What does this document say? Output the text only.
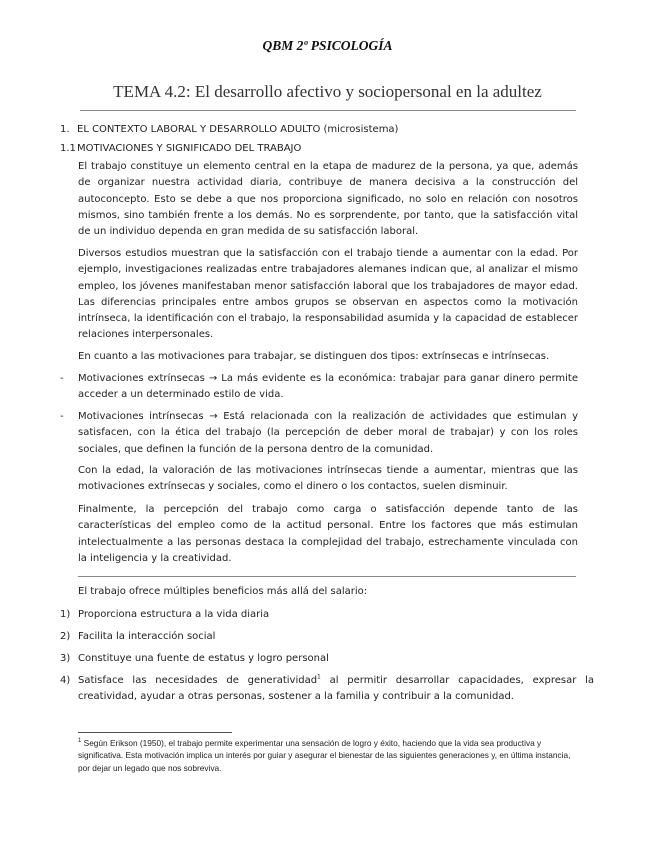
QBM 2º PSICOLOGÍA
TEMA 4.2: El desarrollo afectivo y sociopersonal en la adultez
1. EL CONTEXTO LABORAL Y DESARROLLO ADULTO (microsistema)
1.1MOTIVACIONES Y SIGNIFICADO DEL TRABAJO
El trabajo constituye un elemento central en la etapa de madurez de la persona, ya que, además de organizar nuestra actividad diaria, contribuye de manera decisiva a la construcción del autoconcepto. Esto se debe a que nos proporciona significado, no solo en relación con nosotros mismos, sino también frente a los demás. No es sorprendente, por tanto, que la satisfacción vital de un individuo dependa en gran medida de su satisfacción laboral.
Diversos estudios muestran que la satisfacción con el trabajo tiende a aumentar con la edad. Por ejemplo, investigaciones realizadas entre trabajadores alemanes indican que, al analizar el mismo empleo, los jóvenes manifestaban menor satisfacción laboral que los trabajadores de mayor edad. Las diferencias principales entre ambos grupos se observan en aspectos como la motivación intrínseca, la identificación con el trabajo, la responsabilidad asumida y la capacidad de establecer relaciones interpersonales.
En cuanto a las motivaciones para trabajar, se distinguen dos tipos: extrínsecas e intrínsecas.
- Motivaciones extrínsecas → La más evidente es la económica: trabajar para ganar dinero permite acceder a un determinado estilo de vida.
- Motivaciones intrínsecas → Está relacionada con la realización de actividades que estimulan y satisfacen, con la ética del trabajo (la percepción de deber moral de trabajar) y con los roles sociales, que definen la función de la persona dentro de la comunidad.
Con la edad, la valoración de las motivaciones intrínsecas tiende a aumentar, mientras que las motivaciones extrínsecas y sociales, como el dinero o los contactos, suelen disminuir.
Finalmente, la percepción del trabajo como carga o satisfacción depende tanto de las características del empleo como de la actitud personal. Entre los factores que más estimulan intelectualmente a las personas destaca la complejidad del trabajo, estrechamente vinculada con la inteligencia y la creatividad.
El trabajo ofrece múltiples beneficios más allá del salario:
1) Proporciona estructura a la vida diaria
2) Facilita la interacción social
3) Constituye una fuente de estatus y logro personal
4) Satisface las necesidades de generatividad$^1$ al permitir desarrollar capacidades, expresar la creatividad, ayudar a otras personas, sostener a la familia y contribuir a la comunidad.
$^1$ Según Erikson (1950), el trabajo permite experimentar una sensación de logro y éxito, haciendo que la vida sea productiva y significativa. Esta motivación implica un interés por guiar y asegurar el bienestar de las siguientes generaciones y, en última instancia, por dejar un legado que nos sobreviva.
